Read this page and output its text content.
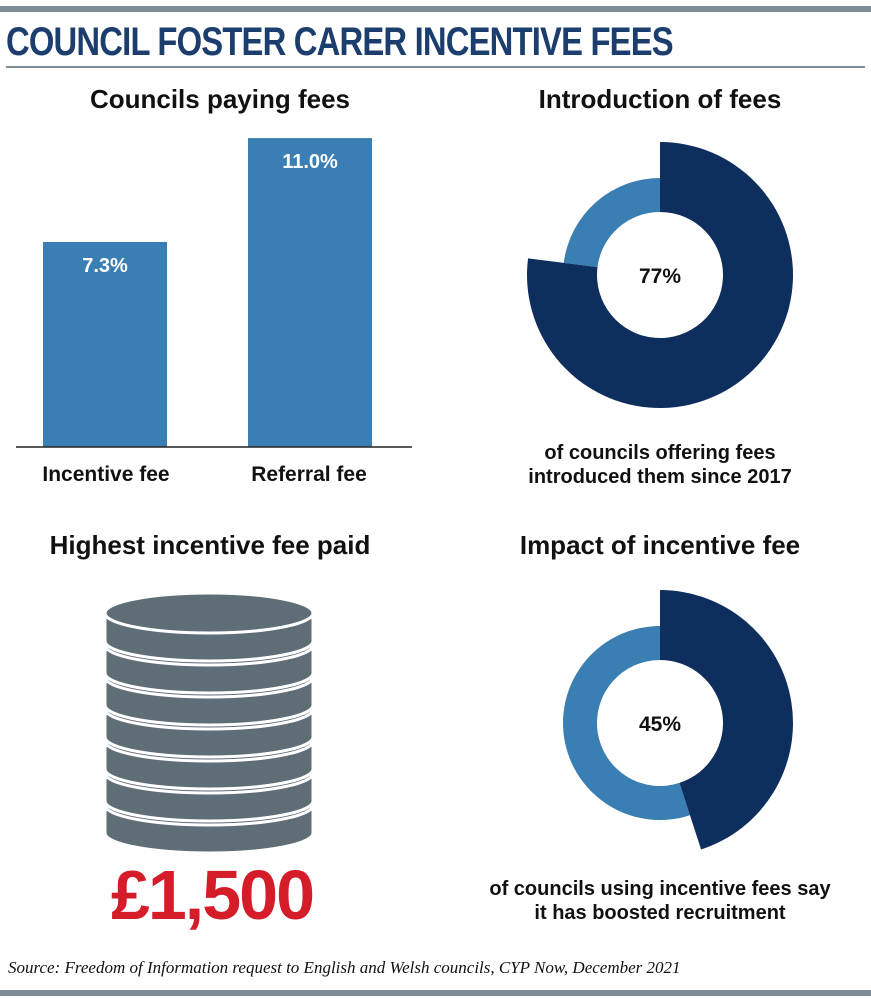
COUNCIL FOSTER CARER INCENTIVE FEES
Councils paying fees
7.3%
11.0%
77%
45%
Incentive fee	Referral fee
Introduction of fees
of councils offering fees
introduced them since 2017
Highest incentive fee paid
£1,500
Impact of incentive fee
of councils using incentive fees say
it has boosted recruitment
Source: Freedom of Information request to English and Welsh councils, CYP Now, December 2021
